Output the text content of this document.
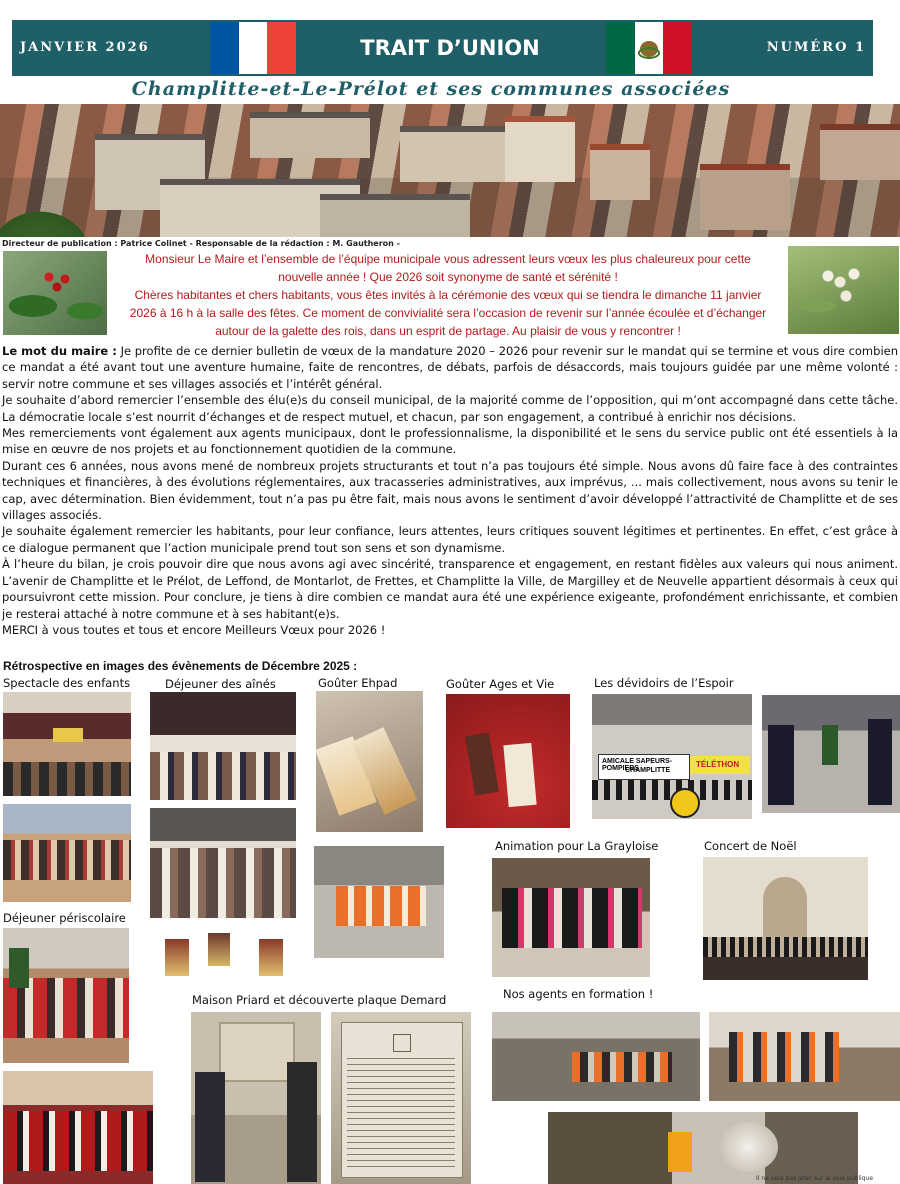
JANVIER 2026	TRAIT D’UNION	NUMÉRO 1
Champlitte-et-Le-Prélot et ses communes associées
Directeur de publication : Patrice Colinet - Responsable de la rédaction : M. Gautheron -

Monsieur Le Maire et l’ensemble de l’équipe municipale vous adressent leurs vœux les plus chaleureux pour cette

nouvelle année ! Que 2026 soit synonyme de santé et sérénité !

Chères habitantes et chers habitants, vous êtes invités à la cérémonie des vœux qui se tiendra le dimanche 11 janvier

2026 à 16 h à la salle des fêtes. Ce moment de convivialité sera l’occasion de revenir sur l’année écoulée et d’échanger

autour de la galette des rois, dans un esprit de partage. Au plaisir de vous y rencontrer !

Le mot du maire : Je profite de ce dernier bulletin de vœux de la mandature 2020 – 2026 pour revenir sur le mandat qui se termine et vous dire combien ce mandat a été avant tout une aventure humaine, faite de rencontres, de débats, parfois de désaccords, mais toujours guidée par une même volonté : servir notre commune et ses villages associés et l’intérêt général.

Je souhaite d’abord remercier l’ensemble des élu(e)s du conseil municipal, de la majorité comme de l’opposition, qui m’ont accompagné dans cette tâche. La démocratie locale s’est nourrit d’échanges et de respect mutuel, et chacun, par son engagement, a contribué à enrichir nos décisions.

Mes remerciements vont également aux agents municipaux, dont le professionnalisme, la disponibilité et le sens du service public ont été essentiels à la mise en œuvre de nos projets et au fonctionnement quotidien de la commune.

Durant ces 6 années, nous avons mené de nombreux projets structurants et tout n’a pas toujours été simple. Nous avons dû faire face à des contraintes techniques et financières, à des évolutions réglementaires, aux tracasseries administratives, aux imprévus, ... mais collectivement, nous avons su tenir le cap, avec détermination. Bien évidemment, tout n’a pas pu être fait, mais nous avons le sentiment d’avoir développé l’attractivité de Champlitte et de ses villages associés.

Je souhaite également remercier les habitants, pour leur confiance, leurs attentes, leurs critiques souvent légitimes et pertinentes. En effet, c’est grâce à ce dialogue permanent que l’action municipale prend tout son sens et son dynamisme.

À l’heure du bilan, je crois pouvoir dire que nous avons agi avec sincérité, transparence et engagement, en restant fidèles aux valeurs qui nous animent. L’avenir de Champlitte et le Prélot, de Leffond, de Montarlot, de Frettes, et Champlitte la Ville, de Margilley et de Neuvelle appartient désormais à ceux qui poursuivront cette mission. Pour conclure, je tiens à dire combien ce mandat aura été une expérience exigeante, profondément enrichissante, et combien je resterai attaché à notre commune et à ses habitant(e)s.

MERCI à vous toutes et tous et encore Meilleurs Vœux pour 2026 !

Rétrospective en images des évènements de Décembre 2025 :
Spectacle des enfants	Déjeuner des aînés	Goûter Ehpad	Goûter Ages et Vie	Les dévidoirs de l’Espoir
Animation pour La Grayloise	Concert de Noël
Déjeuner périscolaire
Maison Priard et découverte plaque Demard	Nos agents en formation !
AMICALE SAPEURS-POMPIERS
CHAMPLITTE
TÉLÉTHON
Il ne sera pas jeter sur la voie publique
